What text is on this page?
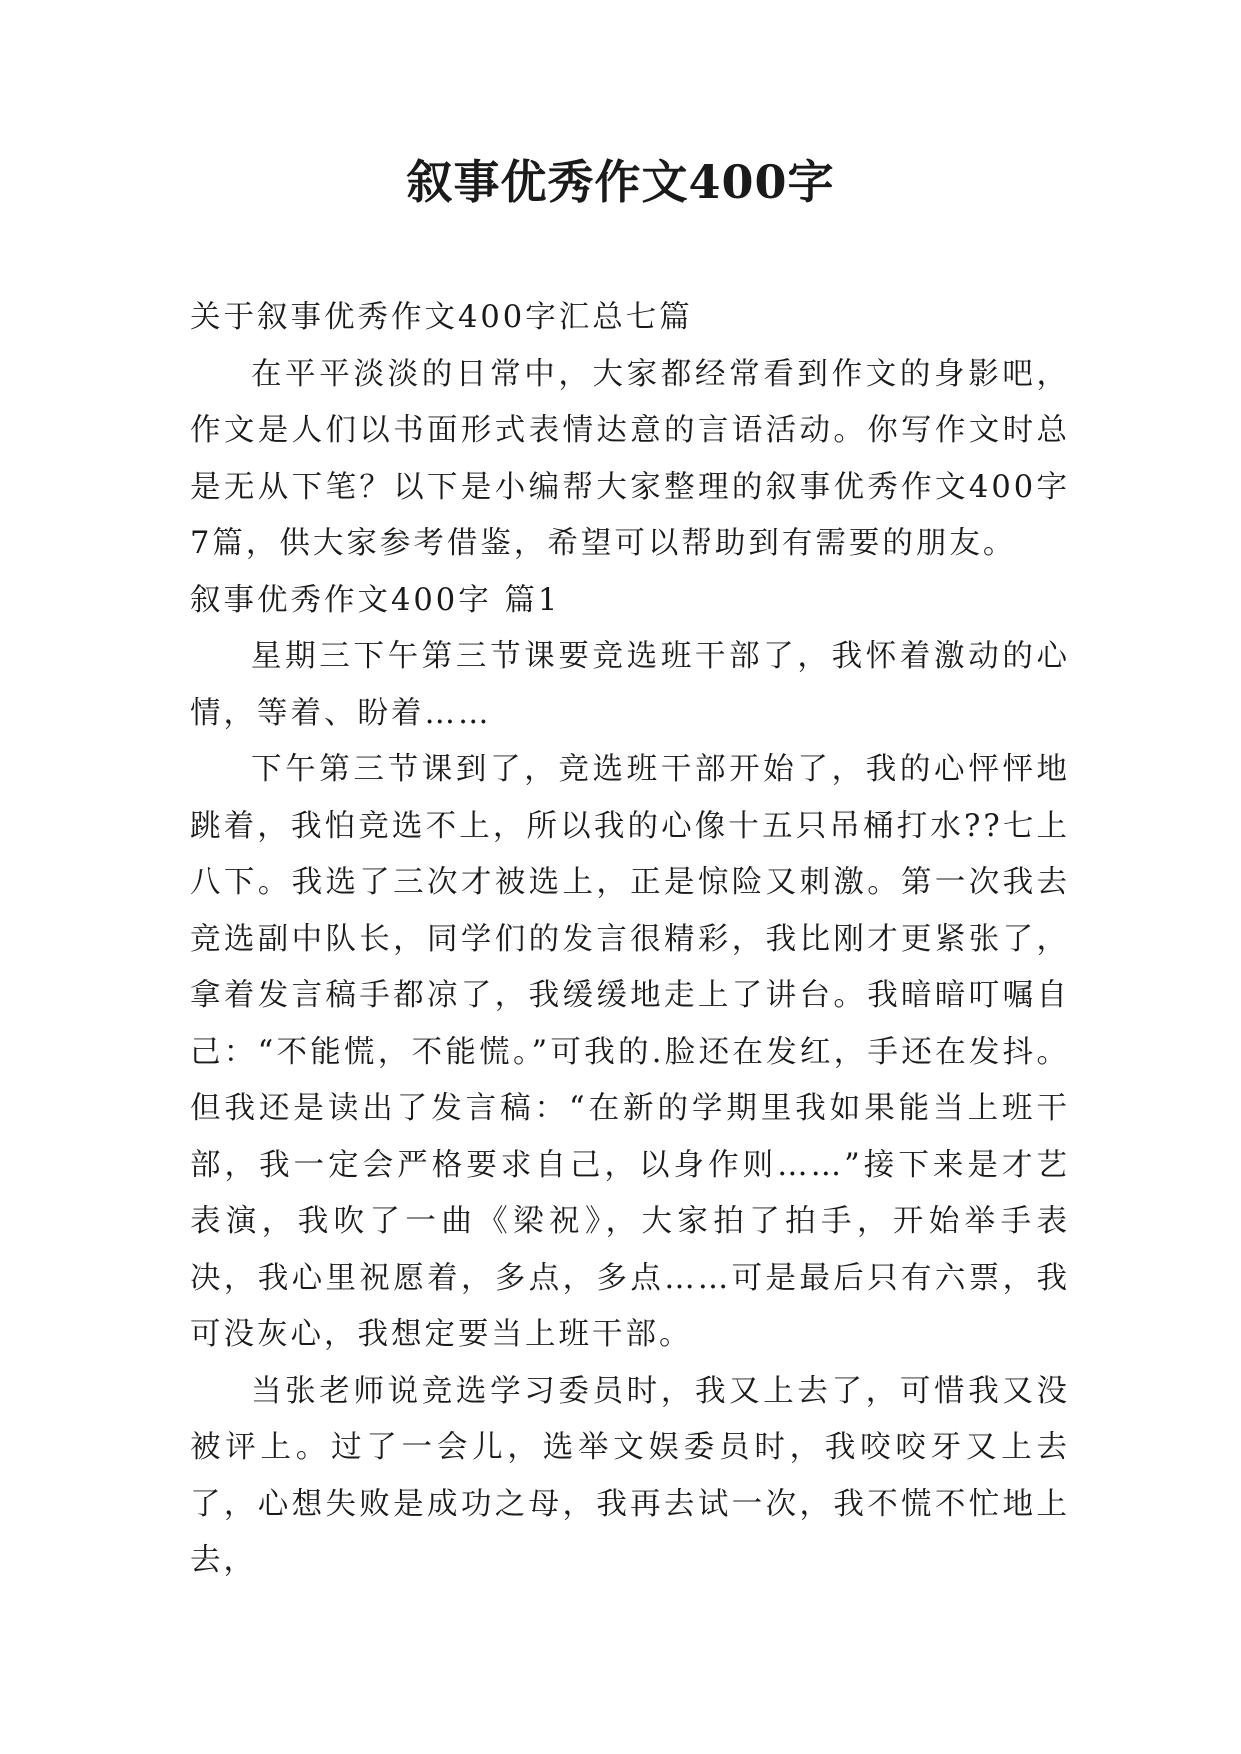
叙事优秀作文400字

关于叙事优秀作文400字汇总七篇

在平平淡淡的日常中，大家都经常看到作文的身影吧，作文是人们以书面形式表情达意的言语活动。你写作文时总是无从下笔？以下是小编帮大家整理的叙事优秀作文400字7篇，供大家参考借鉴，希望可以帮助到有需要的朋友。

叙事优秀作文400字 篇1

星期三下午第三节课要竞选班干部了，我怀着激动的心情，等着、盼着……

下午第三节课到了，竞选班干部开始了，我的心怦怦地跳着，我怕竞选不上，所以我的心像十五只吊桶打水??七上八下。我选了三次才被选上，正是惊险又刺激。第一次我去竞选副中队长，同学们的发言很精彩，我比刚才更紧张了，拿着发言稿手都凉了，我缓缓地走上了讲台。我暗暗叮嘱自己：“不能慌，不能慌。”可我的.脸还在发红，手还在发抖。但我还是读出了发言稿：“在新的学期里我如果能当上班干部，我一定会严格要求自己，以身作则……”接下来是才艺表演，我吹了一曲《梁祝》，大家拍了拍手，开始举手表决，我心里祝愿着，多点，多点……可是最后只有六票，我可没灰心，我想定要当上班干部。

当张老师说竞选学习委员时，我又上去了，可惜我又没被评上。过了一会儿，选举文娱委员时，我咬咬牙又上去了，心想失败是成功之母，我再去试一次，我不慌不忙地上去，
